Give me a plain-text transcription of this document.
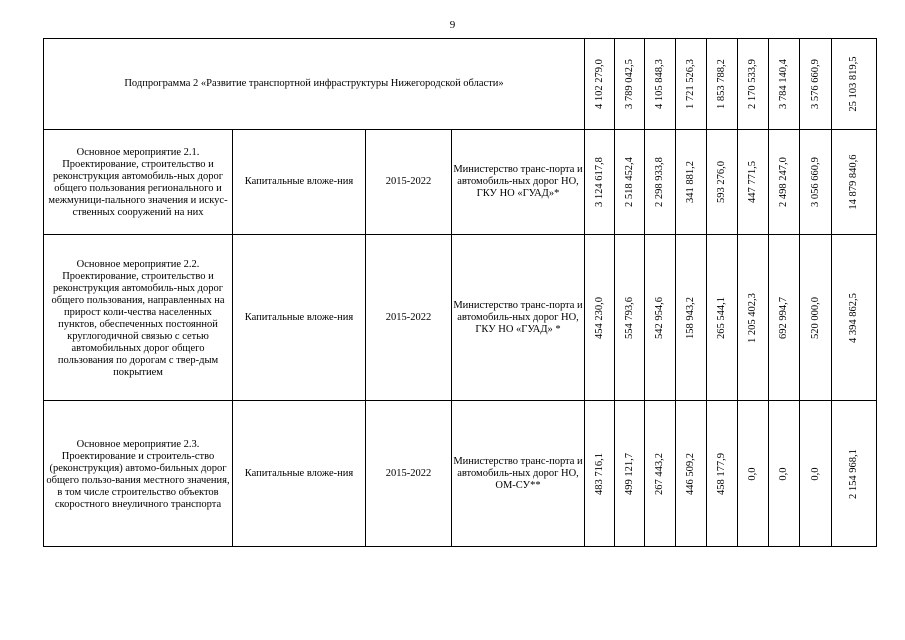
9
Подпрограмма 2 «Развитие транспортной инфраструктуры Нижегородской области»				4 102 279,0	3 789 042,5	4 105 848,3	1 721 526,3	1 853 788,2	2 170 533,9	3 784 140,4	3 576 660,9	25 103 819,5

Основное мероприятие 2.1. Проектирование, строительство и реконструкция автомобиль-ных дорог общего пользования регионального и межмуници-пального значения и искус-ственных сооружений на них	Капитальные вложе-ния	2015-2022	Министерство транс-порта и автомобиль-ных дорог НО, ГКУ НО «ГУАД»*	3 124 617,8	2 518 452,4	2 298 933,8	341 881,2	593 276,0	447 771,5	2 498 247,0	3 056 660,9	14 879 840,6

Основное мероприятие 2.2. Проектирование, строительство и реконструкция автомобиль-ных дорог общего пользования, направленных на прирост коли-чества населенных пунктов, обеспеченных постоянной круглогодичной связью с сетью автомобильных дорог общего пользования по дорогам с твер-дым покрытием	Капитальные вложе-ния	2015-2022	Министерство транс-порта и автомобиль-ных дорог НО, ГКУ НО «ГУАД» *	454 230,0	554 793,6	542 954,6	158 943,2	265 544,1	1 205 402,3	692 994,7	520 000,0	4 394 862,5

Основное мероприятие 2.3. Проектирование и строитель-ство (реконструкция) автомо-бильных дорог общего пользо-вания местного значения, в том числе строительство объектов скоростного внеуличного транспорта	Капитальные вложе-ния	2015-2022	Министерство транс-порта и автомобиль-ных дорог НО, ОМ-СУ**	483 716,1	499 121,7	267 443,2	446 509,2	458 177,9	0,0	0,0	0,0	2 154 968,1
